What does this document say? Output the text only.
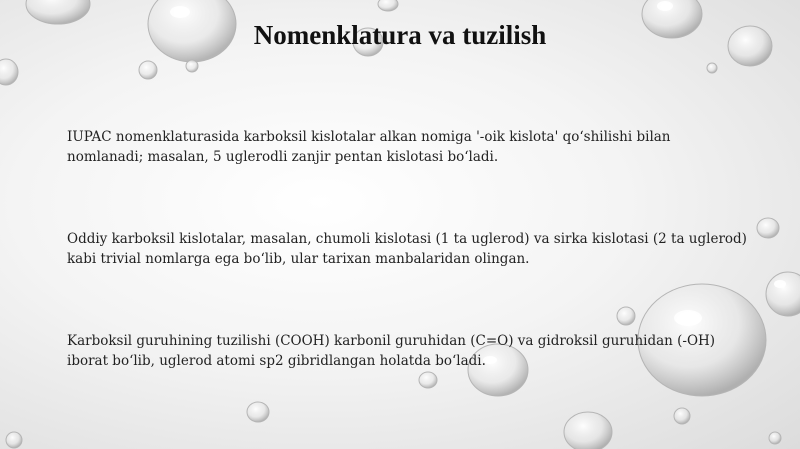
Nomenklatura va tuzilish
IUPAC nomenklaturasida karboksil kislotalar alkan nomiga '-oik kislota' qo‘shilishi bilan nomlanadi; masalan, 5 uglerodli zanjir pentan kislotasi bo‘ladi.
Oddiy karboksil kislotalar, masalan, chumoli kislotasi (1 ta uglerod) va sirka kislotasi (2 ta uglerod) kabi trivial nomlarga ega bo‘lib, ular tarixan manbalaridan olingan.
Karboksil guruhining tuzilishi (COOH) karbonil guruhidan (C=O) va gidroksil guruhidan (-OH) iborat bo‘lib, uglerod atomi sp2 gibridlangan holatda bo‘ladi.
